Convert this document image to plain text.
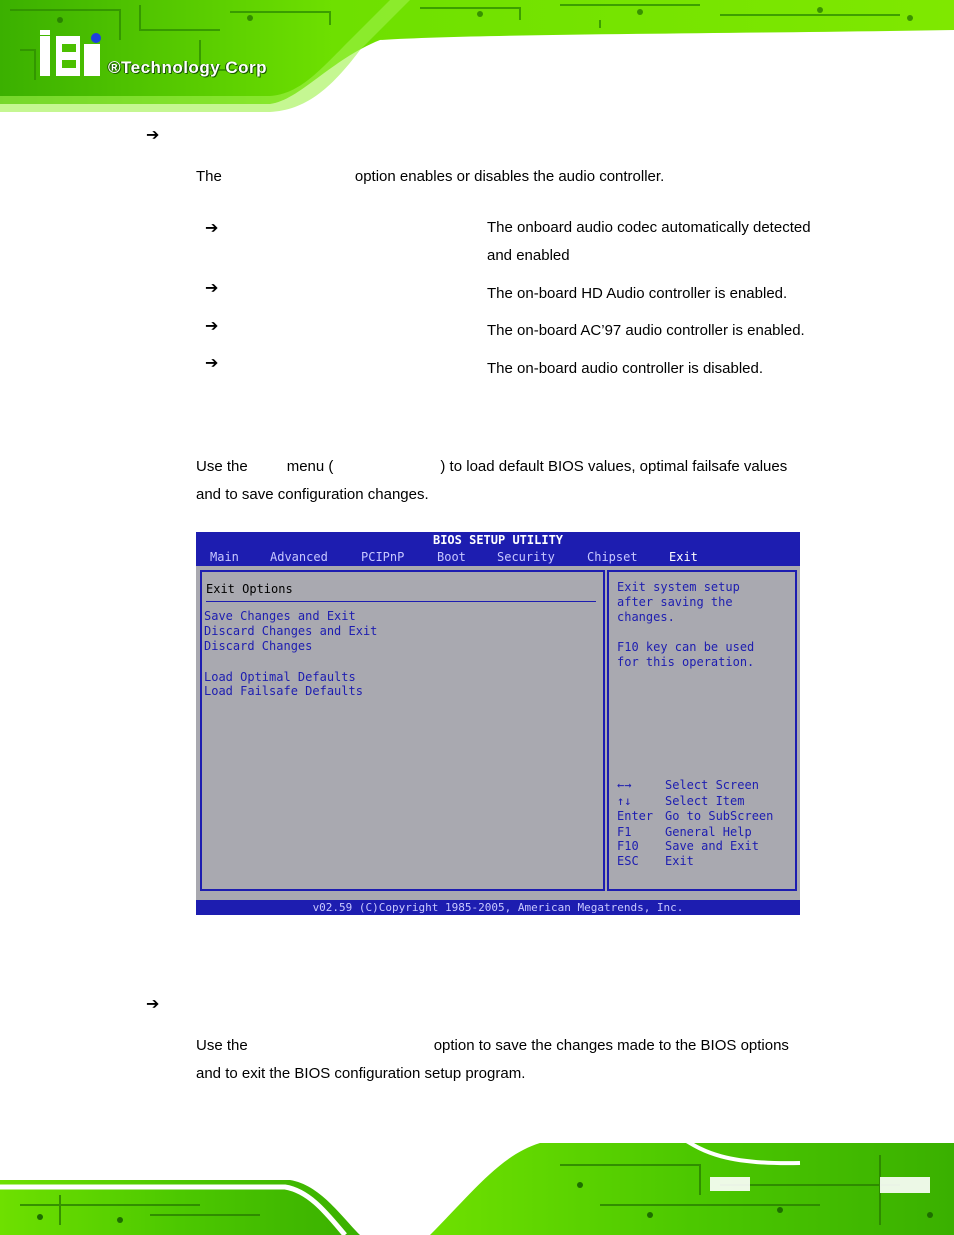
®Technology Corp
➔
The	option enables or disables the audio controller.
➔	The onboard audio codec automatically detected
and enabled
➔	The on-board HD Audio controller is enabled.
➔	The on-board AC’97 audio controller is enabled.
➔	The on-board audio controller is disabled.
Use the	menu (	) to load default BIOS values, optimal failsafe values
and to save configuration changes.
BIOS SETUP UTILITY
Main	Advanced	PCIPnP	Boot	Security	Chipset	Exit
Exit Options
Save Changes and Exit
Discard Changes and Exit
Discard Changes
Load Optimal Defaults
Load Failsafe Defaults
Exit system setup
after saving the
changes.
F10 key can be used
for this operation.
←→	Select Screen
↑↓	Select Item
Enter Go to SubScreen
F1	General Help
F10 Save and Exit
ESC Exit
v02.59 (C)Copyright 1985-2005, American Megatrends, Inc.
➔
Use the	option to save the changes made to the BIOS options
and to exit the BIOS configuration setup program.
